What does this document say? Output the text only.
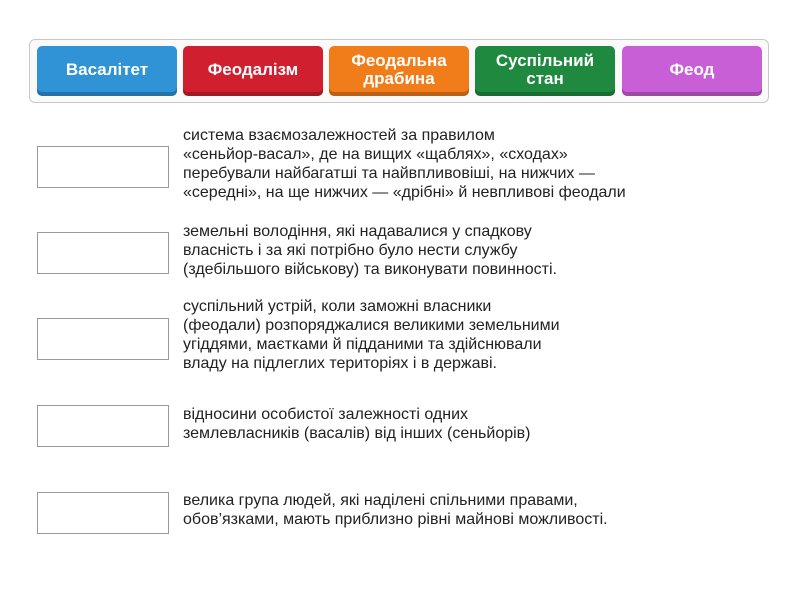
Васалітет	Феодалізм	Феодальна
драбина
Суспільний
стан	Феод
система взаємозалежностей за правилом
«сеньйор-васал», де на вищих «щаблях», «сходах»
перебували найбагатші та найвпливовіші, на нижчих —
«середні», на ще нижчих — «дрібні» й невпливові феодали
земельні володіння, які надавалися у спадкову
власність і за які потрібно було нести службу
(здебільшого військову) та виконувати повинності.
суспільний устрій, коли заможні власники
(феодали) розпоряджалися великими земельними
угіддями, маєтками й підданими та здійснювали
владу на підлеглих територіях і в державі.
відносини особистої залежності одних
землевласників (васалів) від інших (сеньйорів)
велика група людей, які наділені спільними правами,
обов’язками, мають приблизно рівні майнові можливості.
